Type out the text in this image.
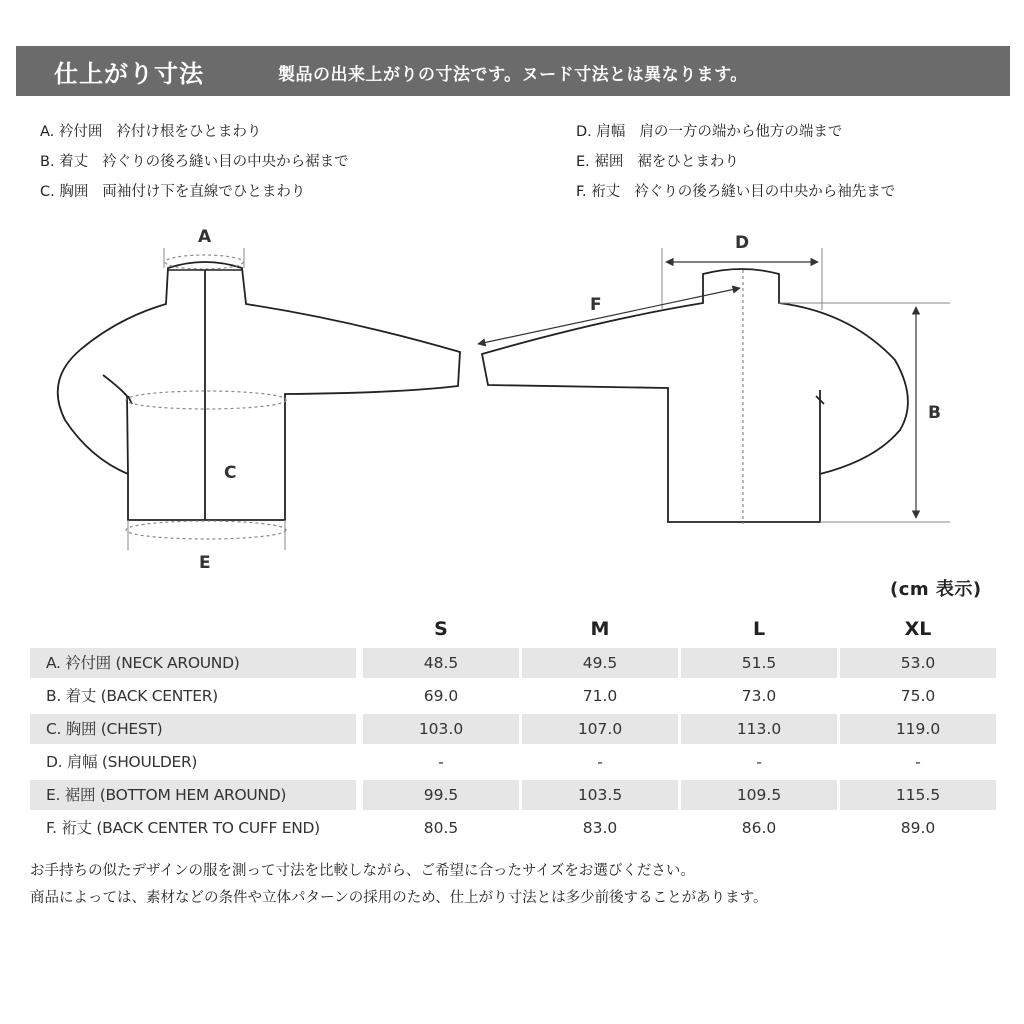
仕上がり寸法	製品の出来上がりの寸法です。ヌード寸法とは異なります。
A. 衿付囲 衿付け根をひとまわり
B. 着丈 衿ぐりの後ろ縫い目の中央から裾まで
C. 胸囲 両袖付け下を直線でひとまわり
D. 肩幅 肩の一方の端から他方の端まで
E. 裾囲 裾をひとまわり
F. 裄丈 衿ぐりの後ろ縫い目の中央から袖先まで
A
C
E
D
F
B
(cm 表示)
S	M	L	XL
A. 衿付囲 (NECK AROUND)	48.5	49.5	51.5	53.0
B. 着丈 (BACK CENTER)	69.0	71.0	73.0	75.0
C. 胸囲 (CHEST)	103.0	107.0	113.0	119.0
D. 肩幅 (SHOULDER)	-	-	-	-
E. 裾囲 (BOTTOM HEM AROUND)	99.5	103.5	109.5	115.5
F. 裄丈 (BACK CENTER TO CUFF END)	80.5	83.0	86.0	89.0
お手持ちの似たデザインの服を測って寸法を比較しながら、ご希望に合ったサイズをお選びください。
商品によっては、素材などの条件や立体パターンの採用のため、仕上がり寸法とは多少前後することがあります。
